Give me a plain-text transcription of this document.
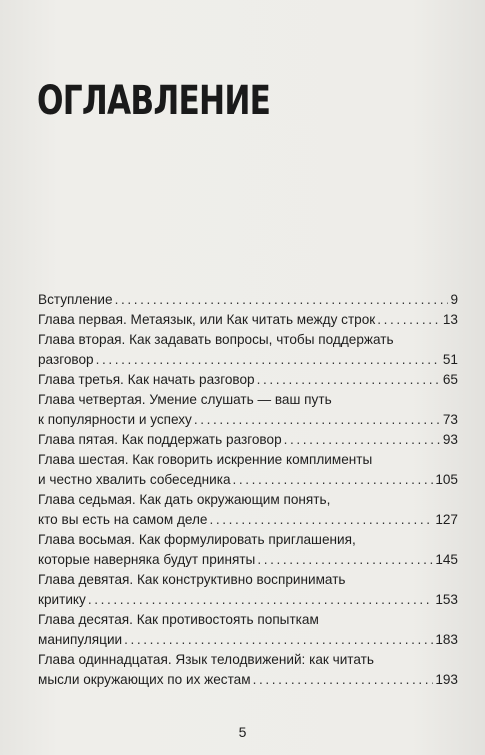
ОГЛАВЛЕНИЕ
Вступление .....	9
Глава первая. Метаязык, или Как читать между строк .....	13
Глава вторая. Как задавать вопросы, чтобы поддержать
разговор .....	51
Глава третья. Как начать разговор .....	65
Глава четвертая. Умение слушать — ваш путь
к популярности и успеху .....	73
Глава пятая. Как поддержать разговор .....	93
Глава шестая. Как говорить искренние комплименты
и честно хвалить собеседника .....	105
Глава седьмая. Как дать окружающим понять,
кто вы есть на самом деле .....	127
Глава восьмая. Как формулировать приглашения,
которые наверняка будут приняты .....	145
Глава девятая. Как конструктивно воспринимать
критику .....	153
Глава десятая. Как противостоять попыткам
манипуляции .....	183
Глава одиннадцатая. Язык телодвижений: как читать
мысли окружающих по их жестам .....	193
5
